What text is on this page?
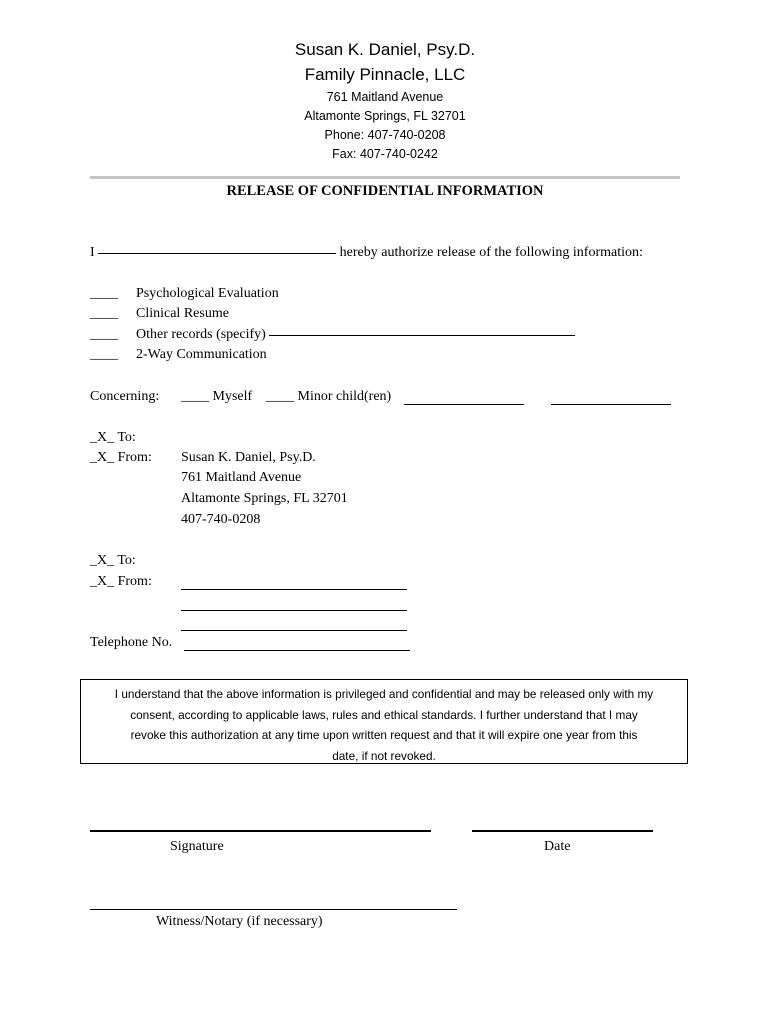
Susan K. Daniel, Psy.D.
Family Pinnacle, LLC
761 Maitland Avenue
Altamonte Springs, FL 32701
Phone: 407-740-0208
Fax: 407-740-0242
RELEASE OF CONFIDENTIAL INFORMATION
I	hereby authorize release of the following information:
____ Psychological Evaluation
____ Clinical Resume
____ Other records (specify)
____ 2-Way Communication
Concerning: ____ Myself ____ Minor child(ren)
_X_ To:
_X_ From: Susan K. Daniel, Psy.D.
761 Maitland Avenue
Altamonte Springs, FL 32701
407-740-0208
_X_ To:
_X_ From:
Telephone No.
I understand that the above information is privileged and confidential and may be released only with my
consent, according to applicable laws, rules and ethical standards. I further understand that I may
revoke this authorization at any time upon written request and that it will expire one year from this
date, if not revoked.
Signature	Date
Witness/Notary (if necessary)
